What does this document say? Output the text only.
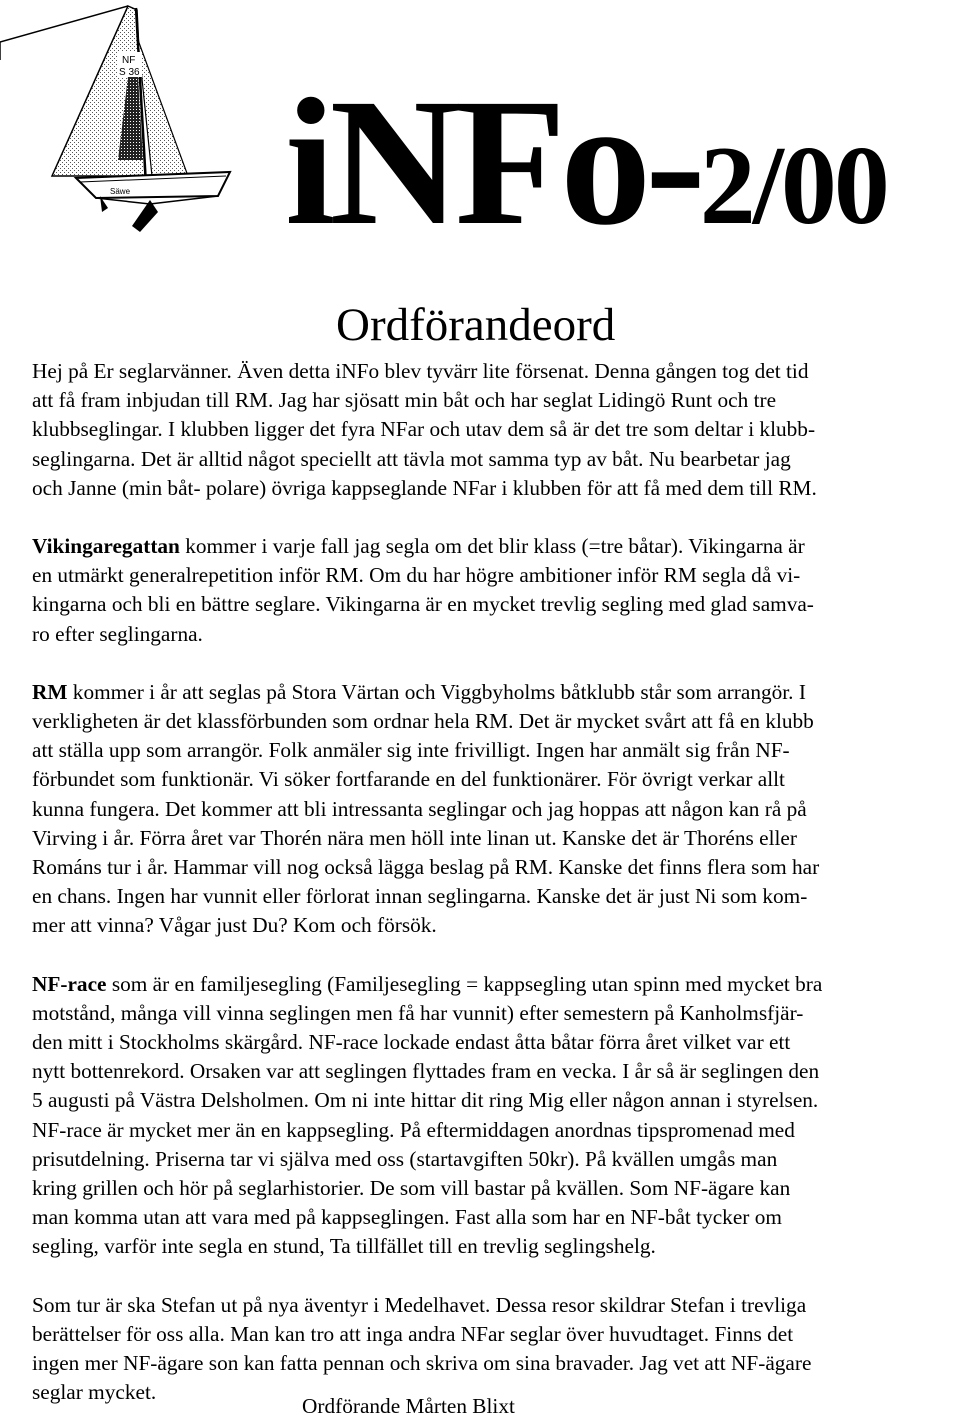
NF
S 36
Säwe iNFo-2/00
Ordförandeord

Hej på Er seglarvänner. Även detta iNFo blev tyvärr lite försenat. Denna gången tog det tid
att få fram inbjudan till RM. Jag har sjösatt min båt och har seglat Lidingö Runt och tre
klubbseglingar. I klubben ligger det fyra NFar och utav dem så är det tre som deltar i klubb-
seglingarna. Det är alltid något speciellt att tävla mot samma typ av båt. Nu bearbetar jag
och Janne (min båt- polare) övriga kappseglande NFar i klubben för att få med dem till RM.

Vikingaregattan kommer i varje fall jag segla om det blir klass (=tre båtar). Vikingarna är
en utmärkt generalrepetition inför RM. Om du har högre ambitioner inför RM segla då vi-
kingarna och bli en bättre seglare. Vikingarna är en mycket trevlig segling med glad samva-
ro efter seglingarna.

RM kommer i år att seglas på Stora Värtan och Viggbyholms båtklubb står som arrangör. I
verkligheten är det klassförbunden som ordnar hela RM. Det är mycket svårt att få en klubb
att ställa upp som arrangör. Folk anmäler sig inte frivilligt. Ingen har anmält sig från NF-
förbundet som funktionär. Vi söker fortfarande en del funktionärer. För övrigt verkar allt
kunna fungera. Det kommer att bli intressanta seglingar och jag hoppas att någon kan rå på
Virving i år. Förra året var Thorén nära men höll inte linan ut. Kanske det är Thoréns eller
Románs tur i år. Hammar vill nog också lägga beslag på RM. Kanske det finns flera som har
en chans. Ingen har vunnit eller förlorat innan seglingarna. Kanske det är just Ni som kom-
mer att vinna? Vågar just Du? Kom och försök.

NF-race som är en familjesegling (Familjesegling = kappsegling utan spinn med mycket bra
motstånd, många vill vinna seglingen men få har vunnit) efter semestern på Kanholmsfjär-
den mitt i Stockholms skärgård. NF-race lockade endast åtta båtar förra året vilket var ett
nytt bottenrekord. Orsaken var att seglingen flyttades fram en vecka. I år så är seglingen den
5 augusti på Västra Delsholmen. Om ni inte hittar dit ring Mig eller någon annan i styrelsen.
NF-race är mycket mer än en kappsegling. På eftermiddagen anordnas tipspromenad med
prisutdelning. Priserna tar vi själva med oss (startavgiften 50kr). På kvällen umgås man
kring grillen och hör på seglarhistorier. De som vill bastar på kvällen. Som NF-ägare kan
man komma utan att vara med på kappseglingen. Fast alla som har en NF-båt tycker om
segling, varför inte segla en stund, Ta tillfället till en trevlig seglingshelg.

Som tur är ska Stefan ut på nya äventyr i Medelhavet. Dessa resor skildrar Stefan i trevliga
berättelser för oss alla. Man kan tro att inga andra NFar seglar över huvudtaget. Finns det
ingen mer NF-ägare son kan fatta pennan och skriva om sina bravader. Jag vet att NF-ägare
seglar mycket.

Ordförande Mårten Blixt
